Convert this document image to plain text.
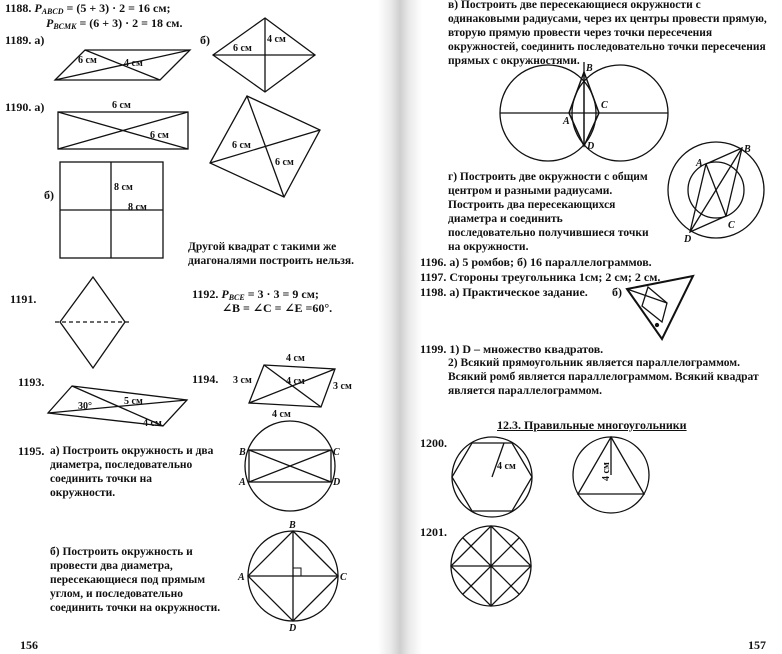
1188. $P_{ABCD} = (5 + 3) \cdot 2 = 16$ см;
$P_{BCMK} = (6 + 3) \cdot 2 = 18$ см.
1189. а)	б)
1190. а)
б)
Другой квадрат с такими же диагоналями построить нельзя.
1191.	1192. $P_{BCE} = 3 \cdot 3 = 9$ см;
∠B = ∠C = ∠E =60°.
1193.	1194.
1195. а) Построить окружность и два диаметра, последовательно соединить точки на окружности.
б) Построить окружность и провести два диаметра, пересекающиеся под прямым углом, и последовательно соединить точки на окружности.
156
в) Построить две пересекающиеся окружности с одинаковыми радиусами, через их центры провести прямую, вторую прямую провести через точки пересечения окружностей, соединить последовательно точки пересечения прямых с окружностями.
г) Построить две окружности с общим центром и разными радиусами. Построить два пересекающихся диаметра и соединить последовательно получившиеся точки на окружности.
1196. а) 5 ромбов; б) 16 параллелограммов.
1197. Стороны треугольника 1см; 2 см; 2 см.
1198. а) Практическое задание. б)
1199. 1) D – множество квадратов.
2) Всякий прямоугольник является параллелограммом. Всякий ромб является параллелограммом. Всякий квадрат является параллелограммом.
12.3. Правильные многоугольники
1200.
1201.
157
6 см	4 см
4 см
6 см
6 см
6 см
6 см
6 см
8 см
8 см
30°	5 см
4 см
4 см
3 см	4 см	3 см
4 см
B	C
A	D
B
A	C
D
B
A
C
D
A
B
C
D
4 см	4 см
